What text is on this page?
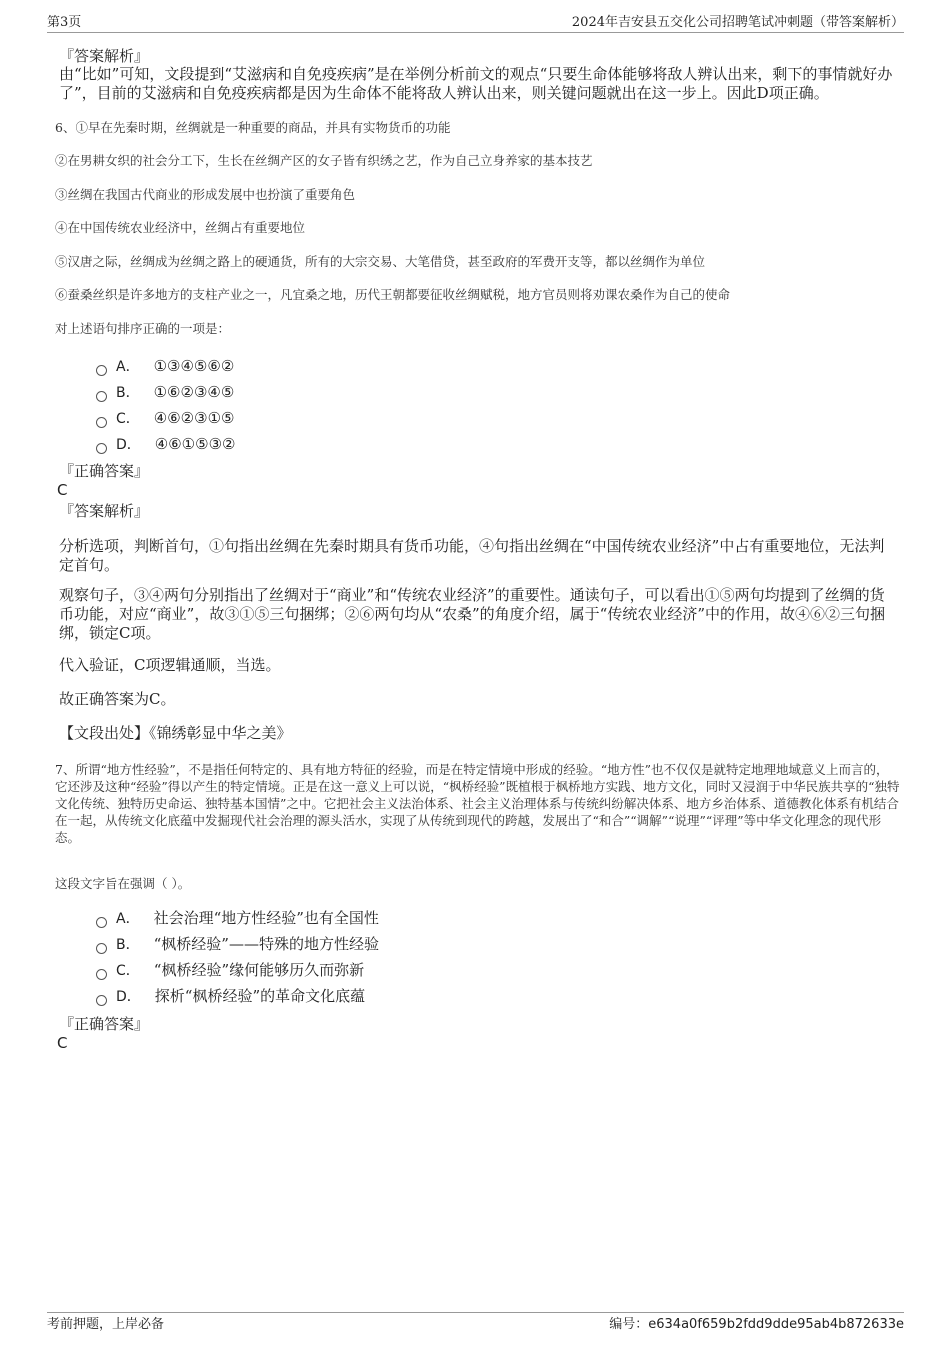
第3页	2024年吉安县五交化公司招聘笔试冲刺题（带答案解析）
『答案解析』
由“比如”可知，文段提到“艾滋病和自免疫疾病”是在举例分析前文的观点“只要生命体能够将敌人辨认出来，剩下的事情就好办了”，目前的艾滋病和自免疫疾病都是因为生命体不能将敌人辨认出来，则关键问题就出在这一步上。因此D项正确。
6、①早在先秦时期，丝绸就是一种重要的商品，并具有实物货币的功能
②在男耕女织的社会分工下，生长在丝绸产区的女子皆有织绣之艺，作为自己立身养家的基本技艺
③丝绸在我国古代商业的形成发展中也扮演了重要角色
④在中国传统农业经济中，丝绸占有重要地位
⑤汉唐之际，丝绸成为丝绸之路上的硬通货，所有的大宗交易、大笔借贷，甚至政府的军费开支等，都以丝绸作为单位
⑥蚕桑丝织是许多地方的支柱产业之一，凡宜桑之地，历代王朝都要征收丝绸赋税，地方官员则将劝课农桑作为自己的使命
对上述语句排序正确的一项是：
A． ①③④⑤⑥②
B． ①⑥②③④⑤
C． ④⑥②③①⑤
D． ④⑥①⑤③②
『正确答案』
C
『答案解析』
分析选项，判断首句，①句指出丝绸在先秦时期具有货币功能，④句指出丝绸在“中国传统农业经济”中占有重要地位，无法判定首句。
观察句子，③④两句分别指出了丝绸对于“商业”和“传统农业经济”的重要性。通读句子，可以看出①⑤两句均提到了丝绸的货币功能，对应“商业”，故③①⑤三句捆绑；②⑥两句均从“农桑”的角度介绍，属于“传统农业经济”中的作用，故④⑥②三句捆绑，锁定C项。
代入验证，C项逻辑通顺，当选。
故正确答案为C。
【文段出处】《锦绣彰显中华之美》
7、所谓“地方性经验”，不是指任何特定的、具有地方特征的经验，而是在特定情境中形成的经验。“地方性”也不仅仅是就特定地理地域意义上而言的，它还涉及这种“经验”得以产生的特定情境。正是在这一意义上可以说，“枫桥经验”既植根于枫桥地方实践、地方文化，同时又浸润于中华民族共享的“独特文化传统、独特历史命运、独特基本国情”之中。它把社会主义法治体系、社会主义治理体系与传统纠纷解决体系、地方乡治体系、道德教化体系有机结合在一起，从传统文化底蕴中发掘现代社会治理的源头活水，实现了从传统到现代的跨越，发展出了“和合”“调解”“说理”“评理”等中华文化理念的现代形态。
这段文字旨在强调（ ）。
A． 社会治理“地方性经验”也有全国性
B． “枫桥经验”——特殊的地方性经验
C． “枫桥经验”缘何能够历久而弥新
D． 探析“枫桥经验”的革命文化底蕴
『正确答案』
C
考前押题，上岸必备	编号：e634a0f659b2fdd9dde95ab4b872633e
